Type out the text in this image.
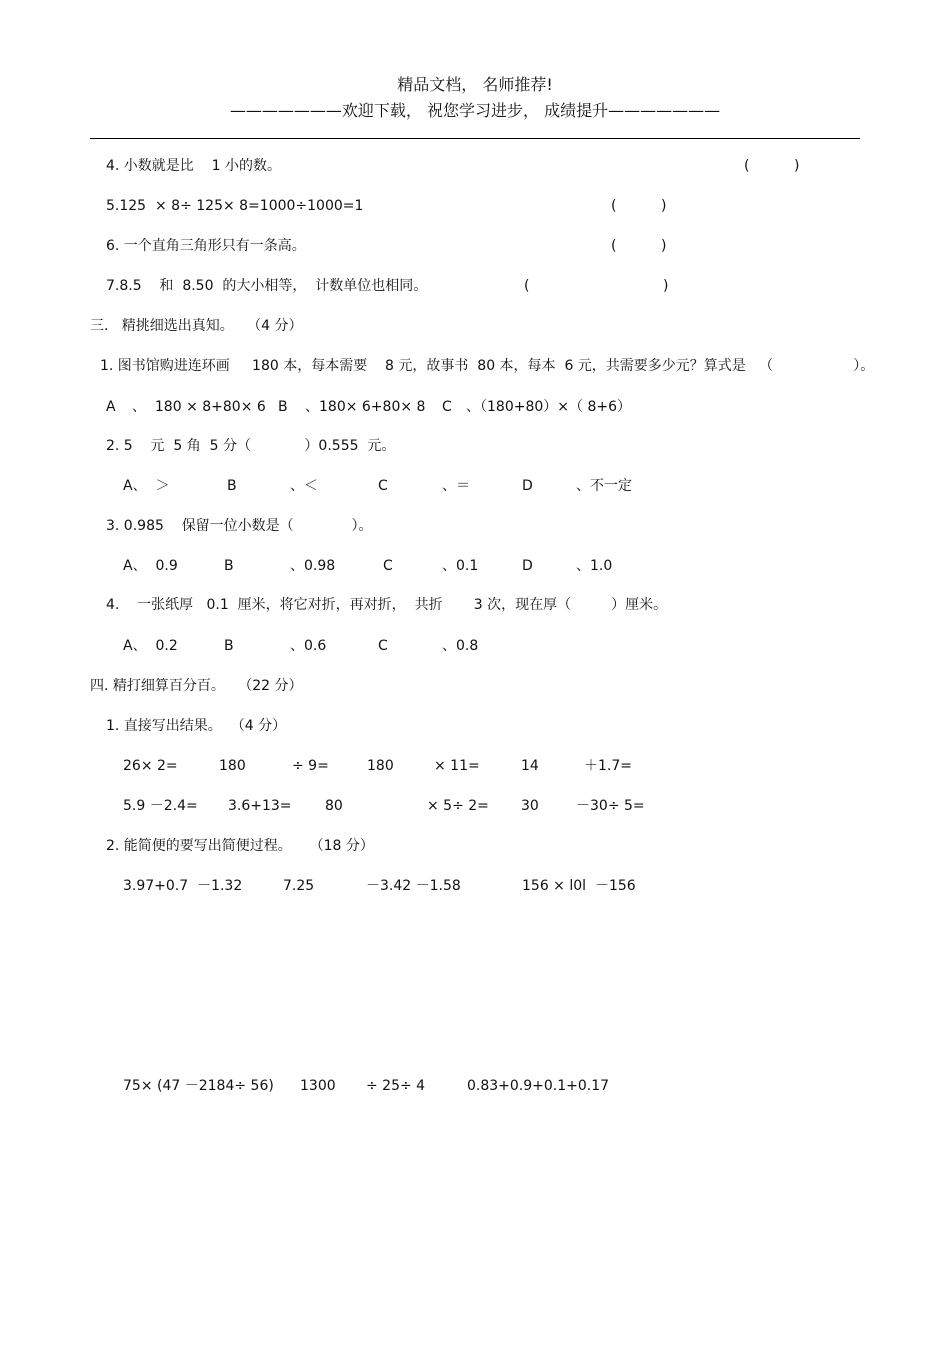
精品文档， 名师推荐!
———————欢迎下载， 祝您学习进步， 成绩提升———————
4. 小数就是比    1 小的数。	(          )
5.125  × 8÷ 125× 8=1000÷1000=1	(          )
6. 一个直角三角形只有一条高。	(          )
7.8.5    和  8.50  的大小相等，  计数单位也相同。	(                              )
三.   精挑细选出真知。   （4 分）
1. 图书馆购进连环画     180 本，每本需要    8 元，故事书  80 本，每本  6 元，共需要多少元？算式是   （                  ）。
A 、  180 × 8+80× 6 B 、180× 6+80× 8 C 、（180+80）×（ 8+6）
2. 5    元  5 角  5 分（            ）0.555  元。
A、  ＞	B	、＜	C	、＝	D	、不一定
3. 0.985    保留一位小数是（             ）。
A、  0.9	B	、0.98	C	、0.1	D	、1.0
4.    一张纸厚   0.1  厘米，将它对折，再对折，  共折       3 次，现在厚（         ）厘米。
A、  0.2	B	、0.6	C	、0.8
四. 精打细算百分百。   （22 分）
1. 直接写出结果。  （4 分）
26× 2=	180	÷ 9=	180	× 11=	14	＋1.7=
5.9 －2.4= 3.6+13= 80	× 5÷ 2= 30	－30÷ 5=
2. 能简便的要写出简便过程。    （18 分）
3.97+0.7  －1.32	7.25	－3.42 －1.58	156 × l0l  －156
75× (47 －2184÷ 56) 1300 ÷ 25÷ 4	0.83+0.9+0.1+0.17
